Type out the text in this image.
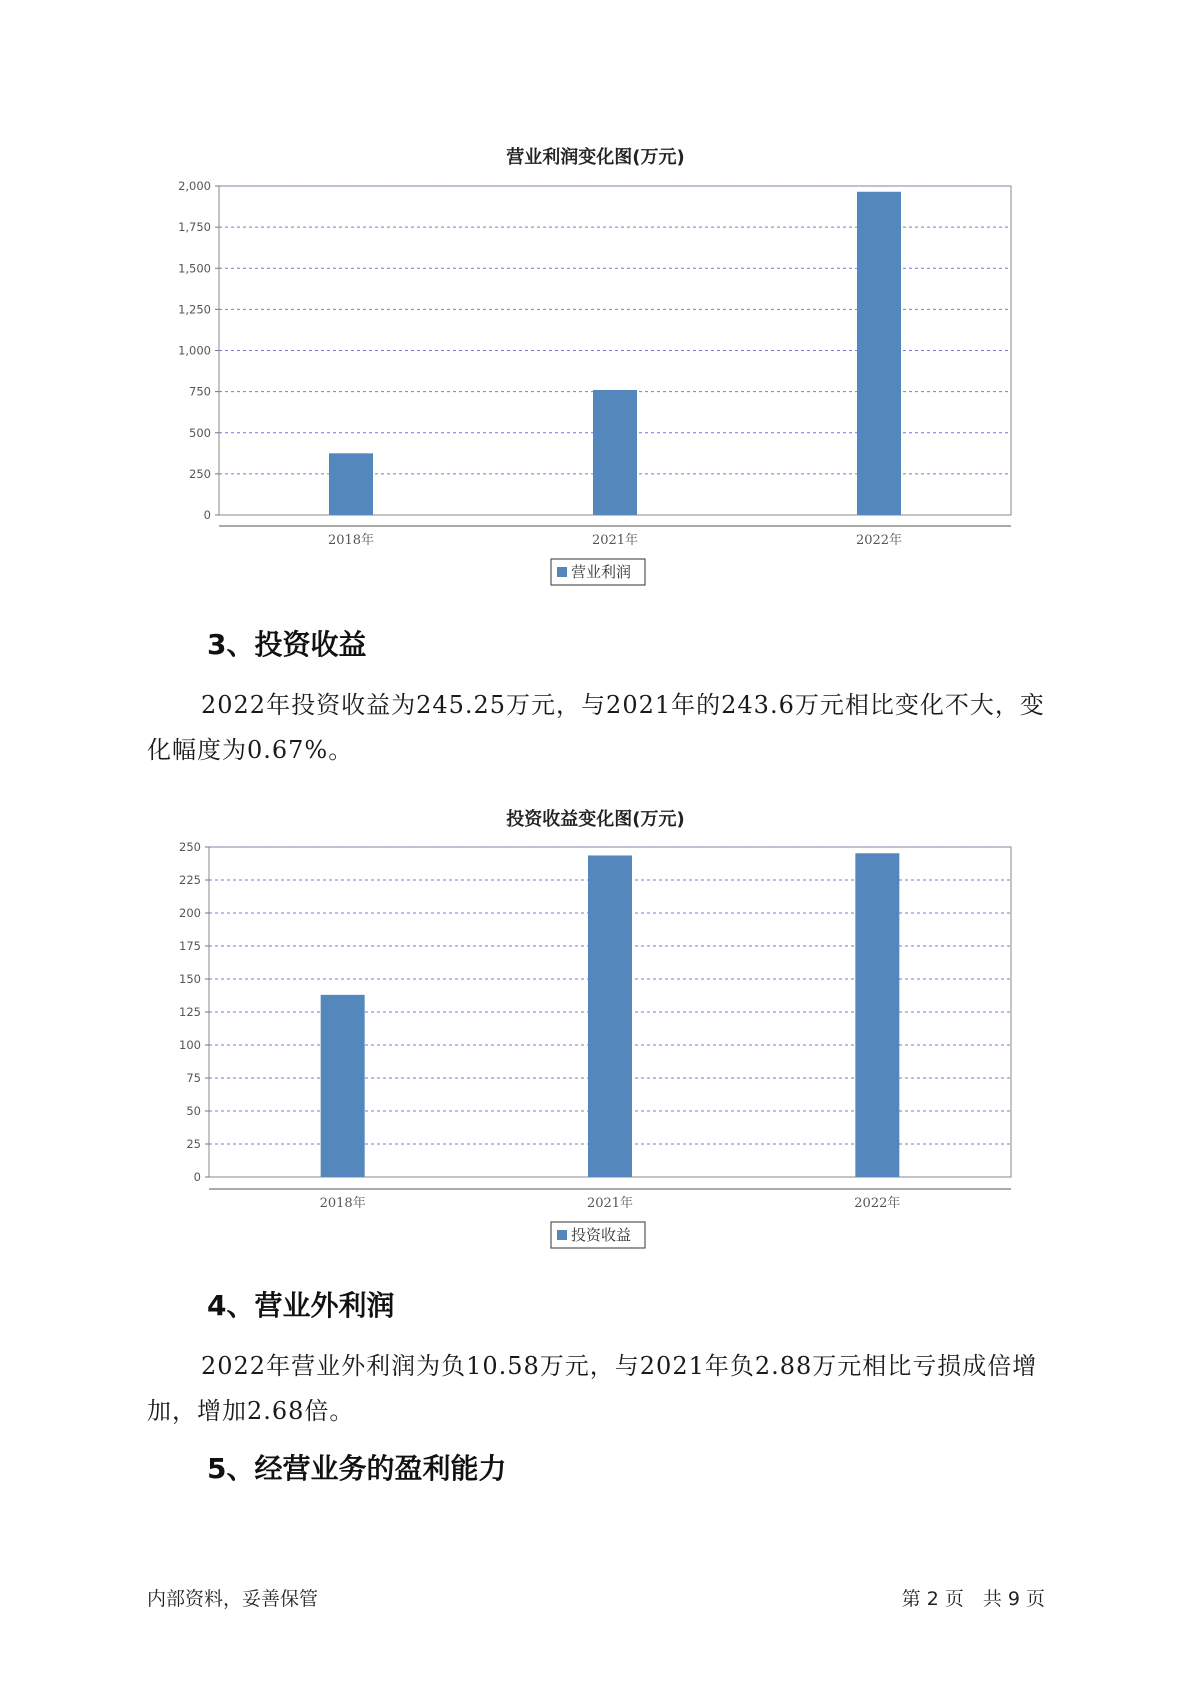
营业利润变化图(万元)
0
250
500
750
1,000
1,250
1,500
1,750
2,000
2018年	2021年	2022年
营业利润
3、投资收益

2022年投资收益为245.25万元，与2021年的243.6万元相比变化不大，变化幅度为0.67%。

投资收益变化图(万元)
0
25
50
75
100
125
150
175
200
225
250
2018年	2021年	2022年
投资收益
4、营业外利润

2022年营业外利润为负10.58万元，与2021年负2.88万元相比亏损成倍增加，增加2.68倍。

5、经营业务的盈利能力
内部资料，妥善保管	第 2 页　共 9 页
